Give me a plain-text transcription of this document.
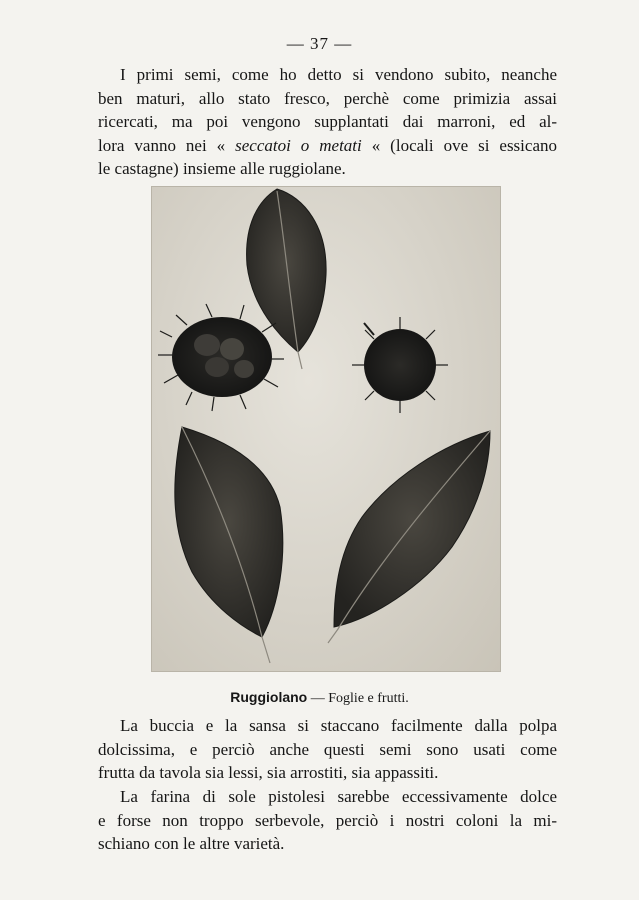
— 37 —

I primi semi, come ho detto si vendono subito, neanche
ben maturi, allo stato fresco, perchè come primizia assai
ricercati, ma poi vengono supplantati dai marroni, ed al-
lora vanno nei « seccatoi o metati « (locali ove si essicano
le castagne) insieme alle ruggiolane.

Ruggiolano — Foglie e frutti.

La buccia e la sansa si staccano facilmente dalla polpa
dolcissima, e perciò anche questi semi sono usati come
frutta da tavola sia lessi, sia arrostiti, sia appassiti.

La farina di sole pistolesi sarebbe eccessivamente dolce
e forse non troppo serbevole, perciò i nostri coloni la mi-
schiano con le altre varietà.
